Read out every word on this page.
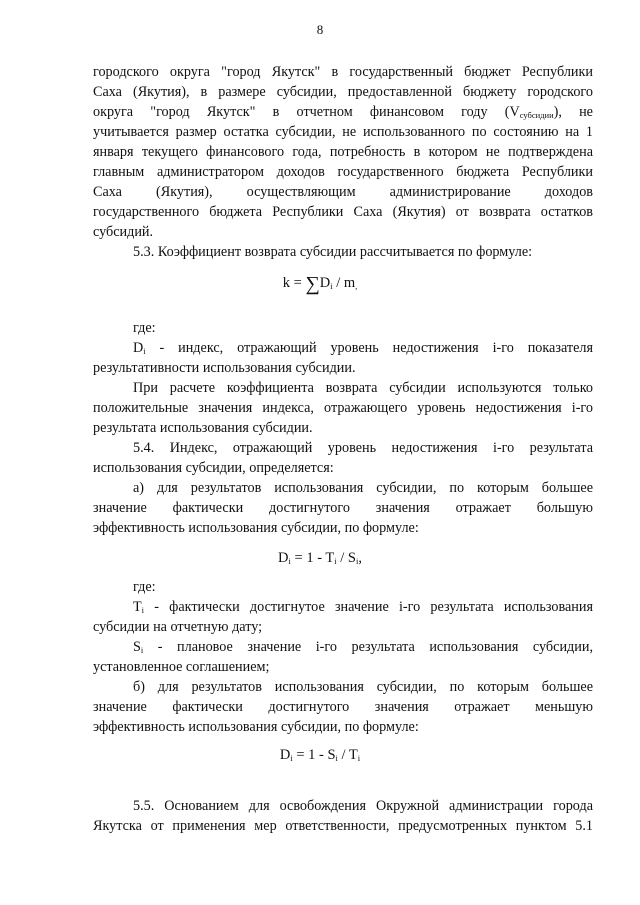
8
городского округа "город Якутск" в государственный бюджет Республики
Саха (Якутия), в размере субсидии, предоставленной бюджету городского
округа "город Якутск" в отчетном финансовом году $(V_{субсидии})$, не
учитывается размер остатка субсидии, не использованного по состоянию на 1
января текущего финансового года, потребность в котором не подтверждена
главным администратором доходов государственного бюджета Республики
Саха (Якутия), осуществляющим администрирование доходов
государственного бюджета Республики Саха (Якутия) от возврата остатков
субсидий.
5.3. Коэффициент возврата субсидии рассчитывается по формуле:
$k = \sum D_i / m_,$
где:
$D_i$ - индекс, отражающий уровень недостижения i-го показателя
результативности использования субсидии.
При расчете коэффициента возврата субсидии используются только
положительные значения индекса, отражающего уровень недостижения i-го
результата использования субсидии.
5.4. Индекс, отражающий уровень недостижения i-го результата
использования субсидии, определяется:
а) для результатов использования субсидии, по которым большее
значение фактически достигнутого значения отражает большую
эффективность использования субсидии, по формуле:
$D_i = 1 - T_i / S_i$,
где:
$T_i$ - фактически достигнутое значение i-го результата использования
субсидии на отчетную дату;
$S_i$ - плановое значение i-го результата использования субсидии,
установленное соглашением;
б) для результатов использования субсидии, по которым большее
значение фактически достигнутого значения отражает меньшую
эффективность использования субсидии, по формуле:
$D_i = 1 - S_i / T_i$
5.5. Основанием для освобождения Окружной администрации города
Якутска от применения мер ответственности, предусмотренных пунктом 5.1
